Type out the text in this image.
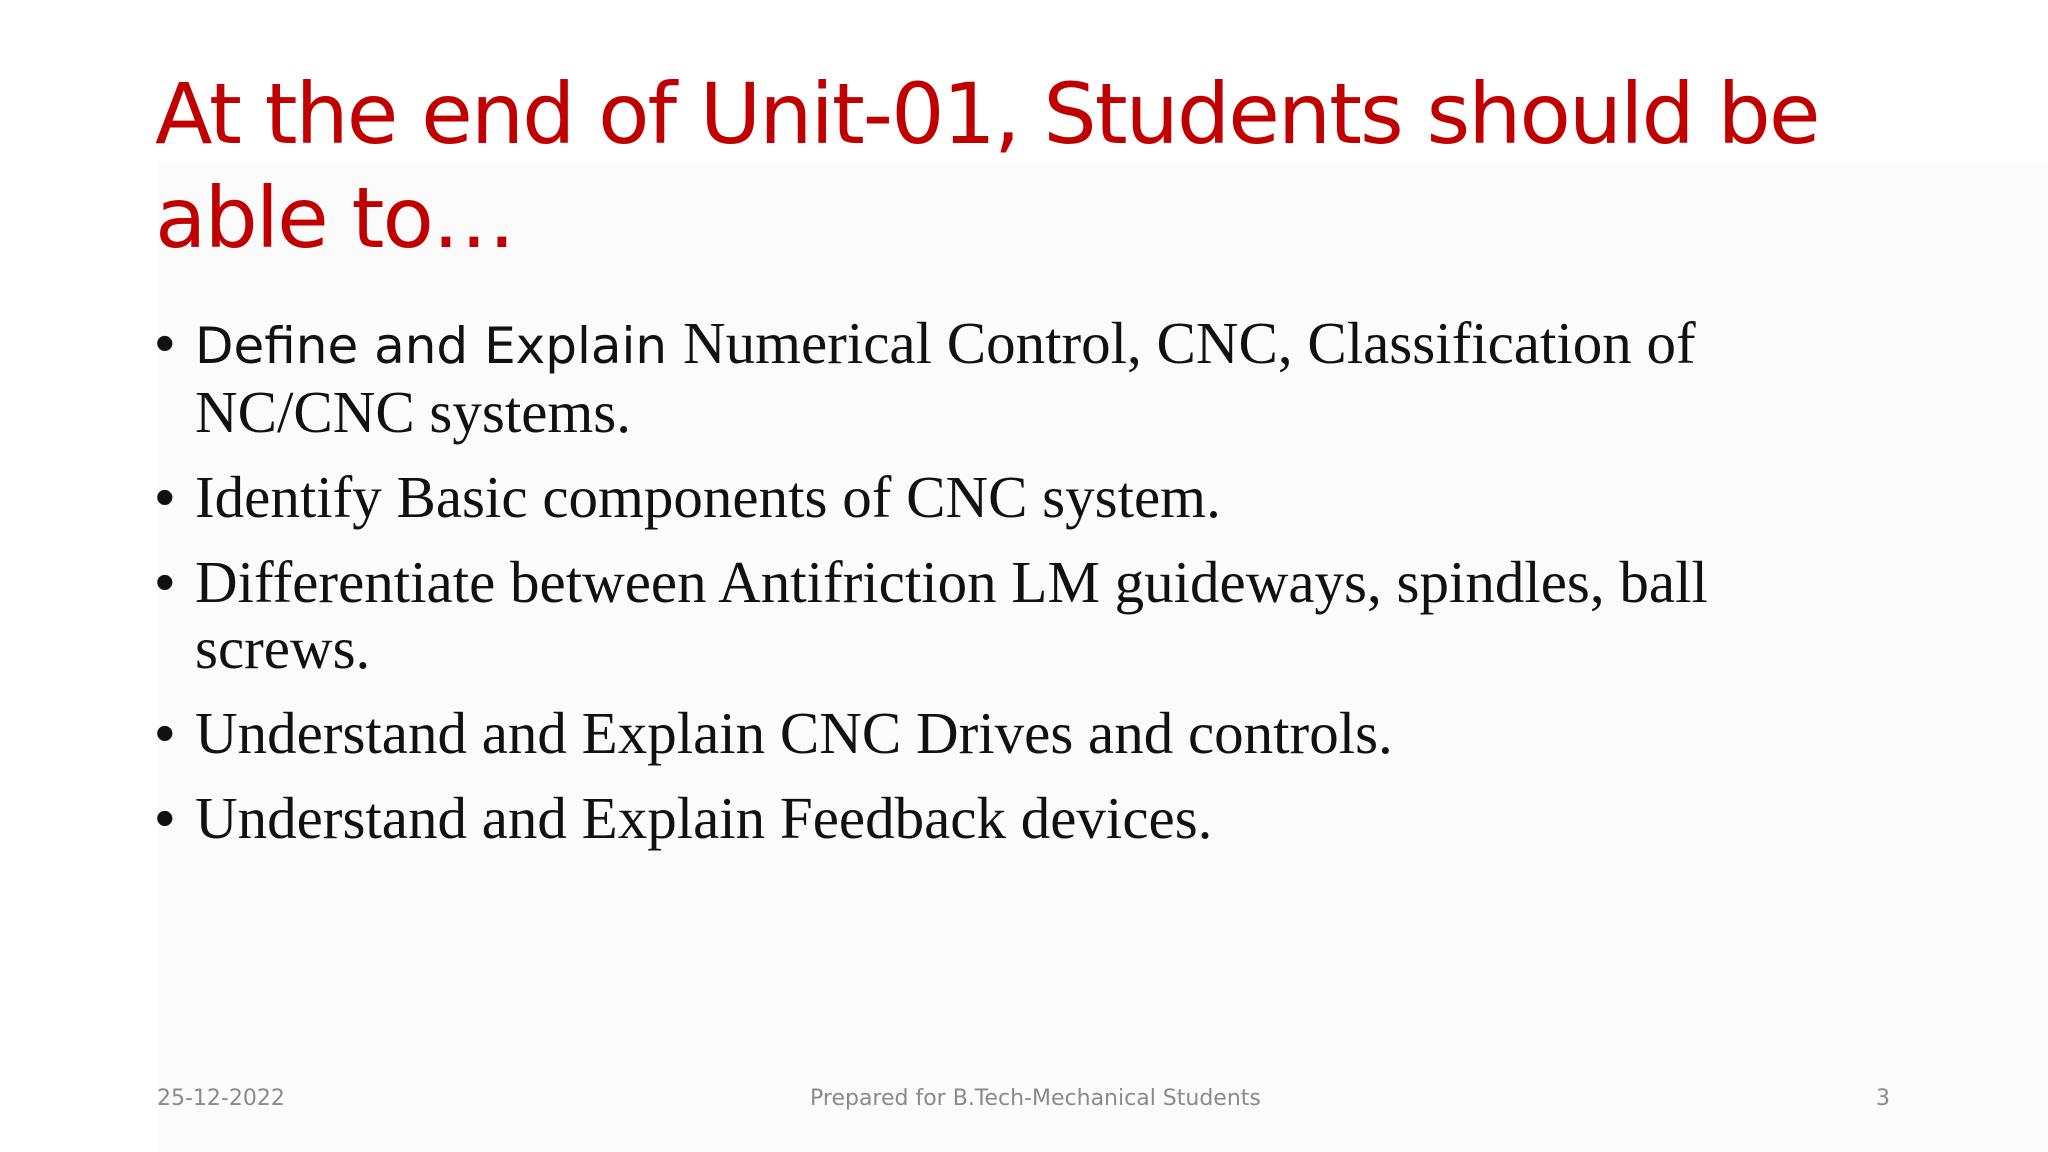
At the end of Unit-01, Students should be able to…
• Define and Explain Numerical Control, CNC, Classification of NC/CNC systems.
• Identify Basic components of CNC system.
• Differentiate between Antifriction LM guideways, spindles, ball screws.
• Understand and Explain CNC Drives and controls.
• Understand and Explain Feedback devices.
25-12-2022	Prepared for B.Tech-Mechanical Students	3
